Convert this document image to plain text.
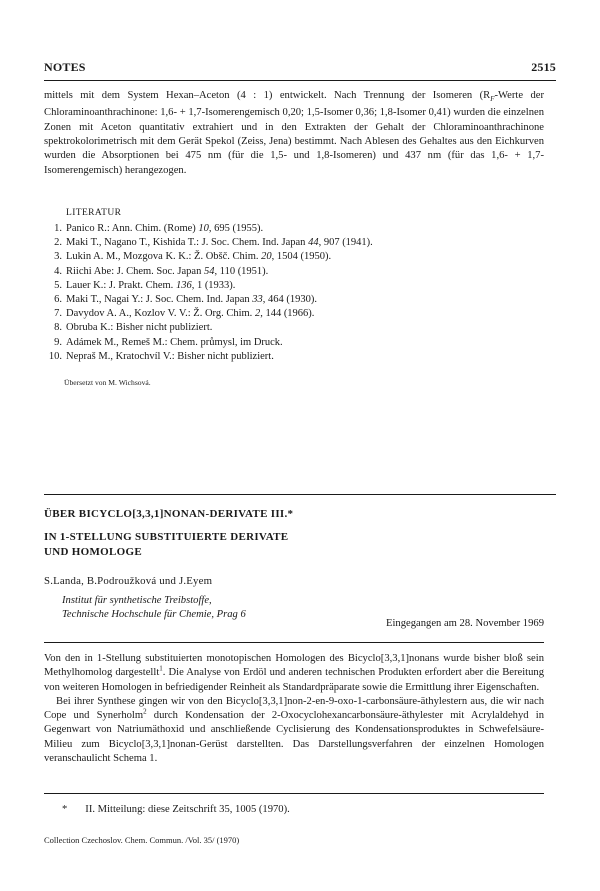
NOTES	2515

mittels mit dem System Hexan–Aceton (4 : 1) entwickelt. Nach Trennung der Isomeren ($R_F$-Werte der Chloraminoanthrachinone: 1,6- + 1,7-Isomerengemisch 0,20; 1,5-Isomer 0,36; 1,8-Isomer 0,41) wurden die einzelnen Zonen mit Aceton quantitativ extrahiert und in den Extrakten der Gehalt der Chloraminoanthrachinone spektrokolorimetrisch mit dem Gerät Spekol (Zeiss, Jena) bestimmt. Nach Ablesen des Gehaltes aus den Eichkurven wurden die Absorptionen bei 475 nm (für die 1,5- und 1,8-Isomeren) und 437 nm (für das 1,6- + 1,7-Isomerengemisch) herangezogen.

LITERATUR
1. Panico R.: Ann. Chim. (Rome) 10, 695 (1955).
2. Maki T., Nagano T., Kishida T.: J. Soc. Chem. Ind. Japan 44, 907 (1941).
3. Lukin A. M., Mozgova K. K.: Ž. Obšč. Chim. 20, 1504 (1950).
4. Riichi Abe: J. Chem. Soc. Japan 54, 110 (1951).
5. Lauer K.: J. Prakt. Chem. 136, 1 (1933).
6. Maki T., Nagai Y.: J. Soc. Chem. Ind. Japan 33, 464 (1930).
7. Davydov A. A., Kozlov V. V.: Ž. Org. Chim. 2, 144 (1966).
8. Obruba K.: Bisher nicht publiziert.
9. Adámek M., Remeš M.: Chem. průmysl, im Druck.
10. Nepraš M., Kratochvíl V.: Bisher nicht publiziert.
Übersetzt von M. Wichsová.
ÜBER BICYCLO[3,3,1]NONAN-DERIVATE III.*
IN 1-STELLUNG SUBSTITUIERTE DERIVATE
UND HOMOLOGE
S.Landa, B.Podroužková und J.Eyem
Institut für synthetische Treibstoffe,
Technische Hochschule für Chemie, Prag 6
Eingegangen am 28. November 1969

Von den in 1-Stellung substituierten monotopischen Homologen des Bicyclo[3,3,1]nonans wurde bisher bloß sein Methylhomolog dargestellt$^1$. Die Analyse von Erdöl und anderen technischen Produkten erfordert aber die Bereitung von weiteren Homologen in befriedigender Reinheit als Standardpräparate sowie die Ermittlung ihrer Eigenschaften.

Bei ihrer Synthese gingen wir von den Bicyclo[3,3,1]non-2-en-9-oxo-1-carbonsäure-äthylestern aus, die wir nach Cope und Synerholm$^2$ durch Kondensation der 2-Oxocyclohexancarbonsäure-äthylester mit Acrylaldehyd in Gegenwart von Natriumäthoxid und anschließende Cyclisierung des Kondensationsproduktes in Schwefelsäure-Milieu zum Bicyclo[3,3,1]nonan-Gerüst darstellten. Das Darstellungsverfahren der einzelnen Homologen veranschaulicht Schema 1.

* II. Mitteilung: diese Zeitschrift 35, 1005 (1970).
Collection Czechoslov. Chem. Commun. /Vol. 35/ (1970)
